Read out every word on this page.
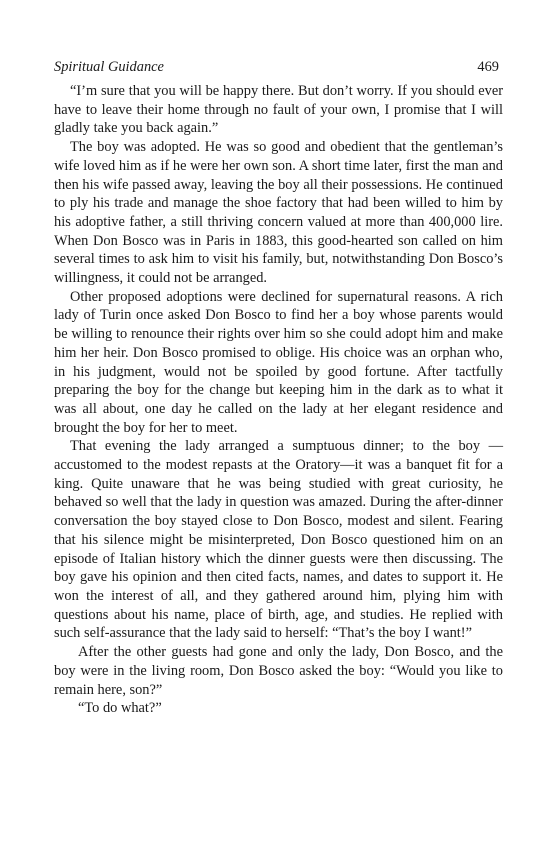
Spiritual Guidance	469

“I’m sure that you will be happy there. But don’t worry. If you should ever have to leave their home through no fault of your own, I promise that I will gladly take you back again.”

The boy was adopted. He was so good and obedient that the gentleman’s wife loved him as if he were her own son. A short time later, first the man and then his wife passed away, leaving the boy all their possessions. He continued to ply his trade and manage the shoe factory that had been willed to him by his adoptive father, a still thriving concern valued at more than 400,000 lire. When Don Bosco was in Paris in 1883, this good-hearted son called on him several times to ask him to visit his family, but, notwithstanding Don Bosco’s willingness, it could not be arranged.

Other proposed adoptions were declined for supernatural reasons. A rich lady of Turin once asked Don Bosco to find her a boy whose parents would be willing to renounce their rights over him so she could adopt him and make him her heir. Don Bosco promised to oblige. His choice was an orphan who, in his judgment, would not be spoiled by good fortune. After tactfully preparing the boy for the change but keeping him in the dark as to what it was all about, one day he called on the lady at her elegant residence and brought the boy for her to meet.

That evening the lady arranged a sumptuous dinner; to the boy —accustomed to the modest repasts at the Oratory—it was a banquet fit for a king. Quite unaware that he was being studied with great curiosity, he behaved so well that the lady in question was amazed. During the after-dinner conversation the boy stayed close to Don Bosco, modest and silent. Fearing that his silence might be misinterpreted, Don Bosco questioned him on an episode of Italian history which the dinner guests were then discussing. The boy gave his opinion and then cited facts, names, and dates to support it. He won the interest of all, and they gathered around him, plying him with questions about his name, place of birth, age, and studies. He replied with such self-assurance that the lady said to herself: “That’s the boy I want!”

After the other guests had gone and only the lady, Don Bosco, and the boy were in the living room, Don Bosco asked the boy: “Would you like to remain here, son?”

“To do what?”
